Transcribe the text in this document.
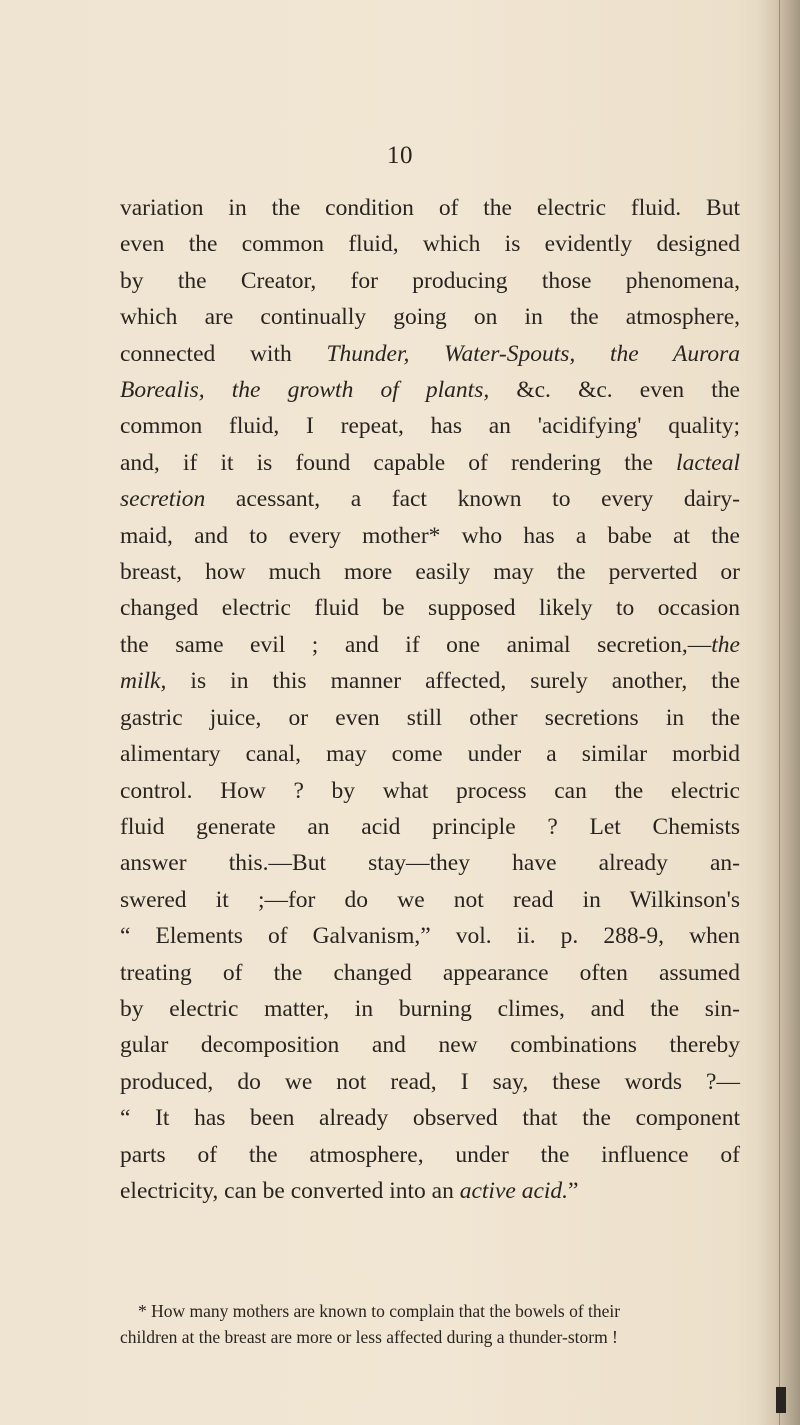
10
variation in the condition of the electric fluid. But
even the common fluid, which is evidently designed
by the Creator, for producing those phenomena,
which are continually going on in the atmosphere,
connected with Thunder, Water-Spouts, the Aurora
Borealis, the growth of plants, &c. &c. even the
common fluid, I repeat, has an 'acidifying' quality;
and, if it is found capable of rendering the lacteal
secretion acessant, a fact known to every dairy-
maid, and to every mother* who has a babe at the
breast, how much more easily may the perverted or
changed electric fluid be supposed likely to occasion
the same evil ; and if one animal secretion,—the
milk, is in this manner affected, surely another, the
gastric juice, or even still other secretions in the
alimentary canal, may come under a similar morbid
control. How ? by what process can the electric
fluid generate an acid principle ? Let Chemists
answer this.—But stay—they have already an-
swered it ;—for do we not read in Wilkinson's
“ Elements of Galvanism,” vol. ii. p. 288-9, when
treating of the changed appearance often assumed
by electric matter, in burning climes, and the sin-
gular decomposition and new combinations thereby
produced, do we not read, I say, these words ?—
“ It has been already observed that the component
parts of the atmosphere, under the influence of
electricity, can be converted into an active acid.”
* How many mothers are known to complain that the bowels of their
children at the breast are more or less affected during a thunder-storm !
